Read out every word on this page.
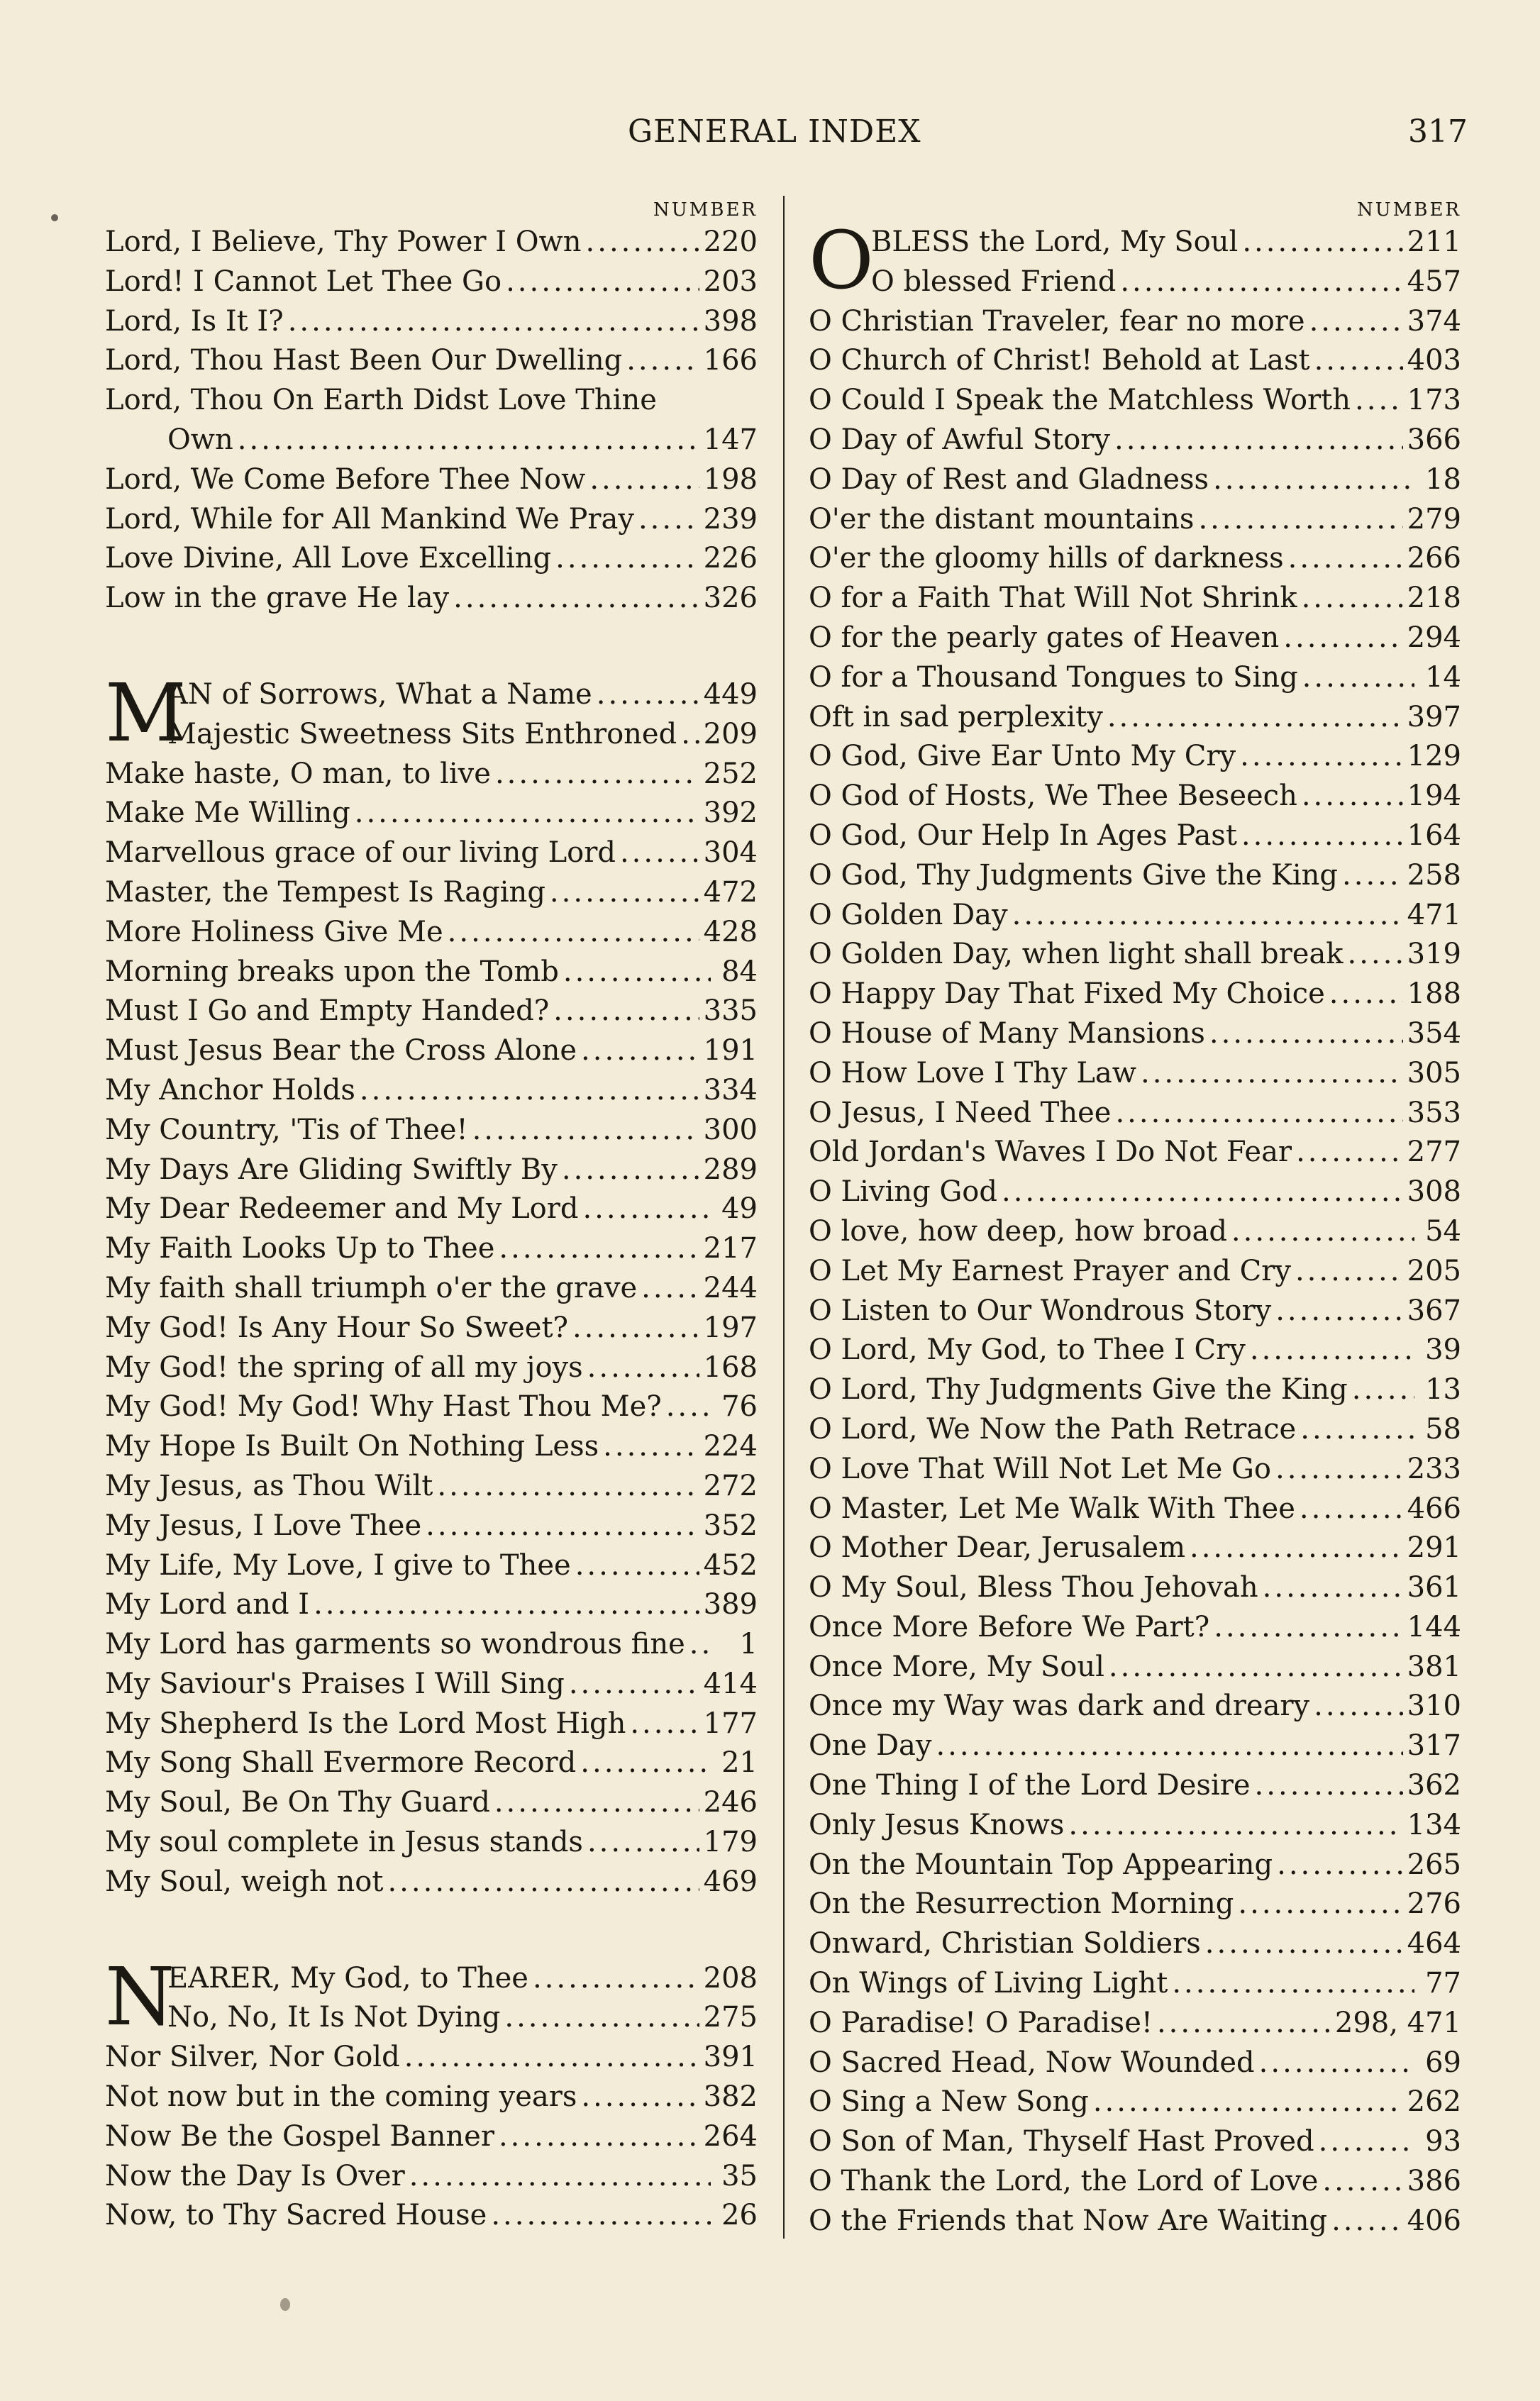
GENERAL INDEX	317
NUMBER
Lord, I Believe, Thy Power I Own .....	220
Lord! I Cannot Let Thee Go .....	203
Lord, Is It I? .....	398
Lord, Thou Hast Been Our Dwelling .....	166
Lord, Thou On Earth Didst Love Thine
Own .....	147
Lord, We Come Before Thee Now .....	198
Lord, While for All Mankind We Pray ..... 239
Love Divine, All Love Excelling .....	226
Low in the grave He lay .....	326
M
AN of Sorrows, What a Name .....	449
Majestic Sweetness Sits Enthroned ..... 209
Make haste, O man, to live .....	252
Make Me Willing .....	392
Marvellous grace of our living Lord .....	304
Master, the Tempest Is Raging .....	472
More Holiness Give Me .....	428
Morning breaks upon the Tomb .....	84
Must I Go and Empty Handed? .....	335
Must Jesus Bear the Cross Alone .....	191
My Anchor Holds .....	334
My Country, 'Tis of Thee! .....	300
My Days Are Gliding Swiftly By .....	289
My Dear Redeemer and My Lord .....	49
My Faith Looks Up to Thee .....	217
My faith shall triumph o'er the grave ..... 244
My God! Is Any Hour So Sweet? .....	197
My God! the spring of all my joys .....	168
My God! My God! Why Hast Thou Me? ..... 76
My Hope Is Built On Nothing Less .....	224
My Jesus, as Thou Wilt .....	272
My Jesus, I Love Thee .....	352
My Life, My Love, I give to Thee .....	452
My Lord and I .....	389
My Lord has garments so wondrous fine .....	1
My Saviour's Praises I Will Sing .....	414
My Shepherd Is the Lord Most High .....	177
My Song Shall Evermore Record .....	21
My Soul, Be On Thy Guard .....	246
My soul complete in Jesus stands .....	179
My Soul, weigh not .....	469
N
EARER, My God, to Thee .....	208
No, No, It Is Not Dying .....	275
Nor Silver, Nor Gold .....	391
Not now but in the coming years .....	382
Now Be the Gospel Banner .....	264
Now the Day Is Over .....	35
Now, to Thy Sacred House .....	26
NUMBER
O
BLESS the Lord, My Soul .....	211
O blessed Friend .....	457
O Christian Traveler, fear no more .....	374
O Church of Christ! Behold at Last .....	403
O Could I Speak the Matchless Worth ..... 173
O Day of Awful Story .....	366
O Day of Rest and Gladness .....	18
O'er the distant mountains .....	279
O'er the gloomy hills of darkness .....	266
O for a Faith That Will Not Shrink .....	218
O for the pearly gates of Heaven .....	294
O for a Thousand Tongues to Sing .....	14
Oft in sad perplexity .....	397
O God, Give Ear Unto My Cry .....	129
O God of Hosts, We Thee Beseech .....	194
O God, Our Help In Ages Past .....	164
O God, Thy Judgments Give the King ..... 258
O Golden Day .....	471
O Golden Day, when light shall break ..... 319
O Happy Day That Fixed My Choice .....	188
O House of Many Mansions .....	354
O How Love I Thy Law .....	305
O Jesus, I Need Thee .....	353
Old Jordan's Waves I Do Not Fear .....	277
O Living God .....	308
O love, how deep, how broad .....	54
O Let My Earnest Prayer and Cry .....	205
O Listen to Our Wondrous Story .....	367
O Lord, My God, to Thee I Cry .....	39
O Lord, Thy Judgments Give the King .....	13
O Lord, We Now the Path Retrace .....	58
O Love That Will Not Let Me Go .....	233
O Master, Let Me Walk With Thee .....	466
O Mother Dear, Jerusalem .....	291
O My Soul, Bless Thou Jehovah .....	361
Once More Before We Part? .....	144
Once More, My Soul .....	381
Once my Way was dark and dreary .....	310
One Day .....	317
One Thing I of the Lord Desire .....	362
Only Jesus Knows .....	134
On the Mountain Top Appearing .....	265
On the Resurrection Morning .....	276
Onward, Christian Soldiers .....	464
On Wings of Living Light .....	77
O Paradise! O Paradise! .....	298, 471
O Sacred Head, Now Wounded .....	69
O Sing a New Song .....	262
O Son of Man, Thyself Hast Proved .....	93
O Thank the Lord, the Lord of Love .....	386
O the Friends that Now Are Waiting .....	406
